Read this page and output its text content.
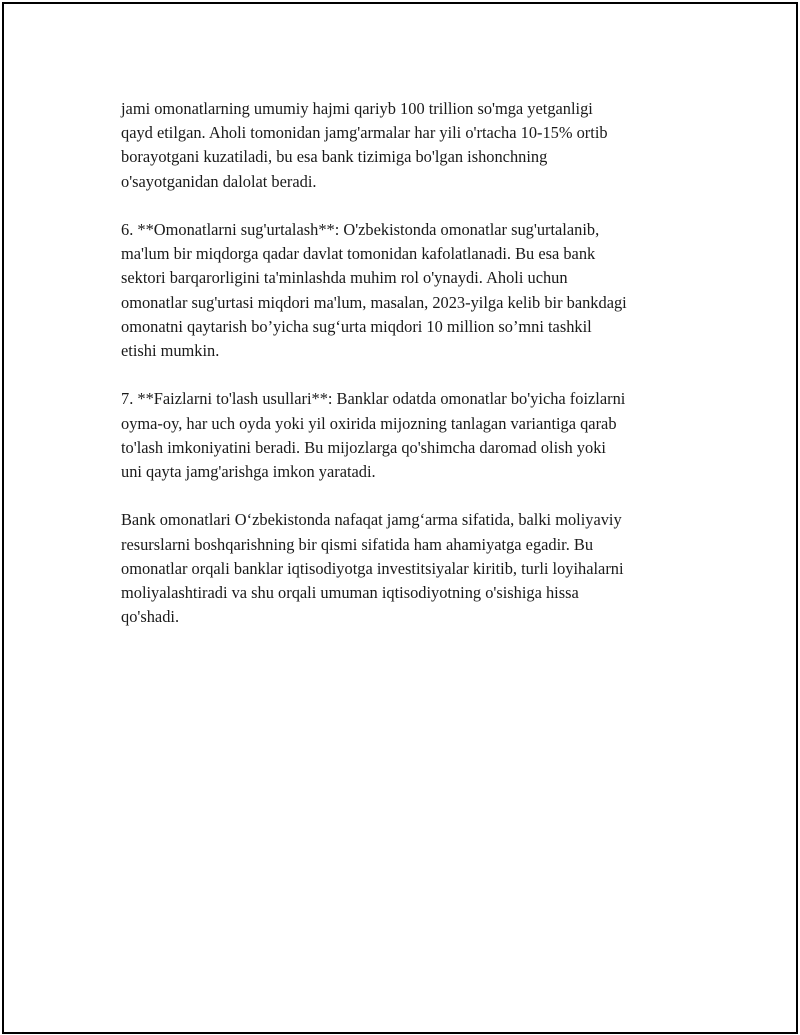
jami omonatlarning umumiy hajmi qariyb 100 trillion so'mga yetganligi
qayd etilgan. Aholi tomonidan jamg'armalar har yili o'rtacha 10-15% ortib
borayotgani kuzatiladi, bu esa bank tizimiga bo'lgan ishonchning
o'sayotganidan dalolat beradi.

6. **Omonatlarni sug'urtalash**: O'zbekistonda omonatlar sug'urtalanib,
ma'lum bir miqdorga qadar davlat tomonidan kafolatlanadi. Bu esa bank
sektori barqarorligini ta'minlashda muhim rol o'ynaydi. Aholi uchun
omonatlar sug'urtasi miqdori ma'lum, masalan, 2023-yilga kelib bir bankdagi
omonatni qaytarish bo’yicha sug‘urta miqdori 10 million so’mni tashkil
etishi mumkin.

7. **Faizlarni to'lash usullari**: Banklar odatda omonatlar bo'yicha foizlarni
oyma-oy, har uch oyda yoki yil oxirida mijozning tanlagan variantiga qarab
to'lash imkoniyatini beradi. Bu mijozlarga qo'shimcha daromad olish yoki
uni qayta jamg'arishga imkon yaratadi.

Bank omonatlari O‘zbekistonda nafaqat jamg‘arma sifatida, balki moliyaviy
resurslarni boshqarishning bir qismi sifatida ham ahamiyatga egadir. Bu
omonatlar orqali banklar iqtisodiyotga investitsiyalar kiritib, turli loyihalarni
moliyalashtiradi va shu orqali umuman iqtisodiyotning o'sishiga hissa
qo'shadi.
